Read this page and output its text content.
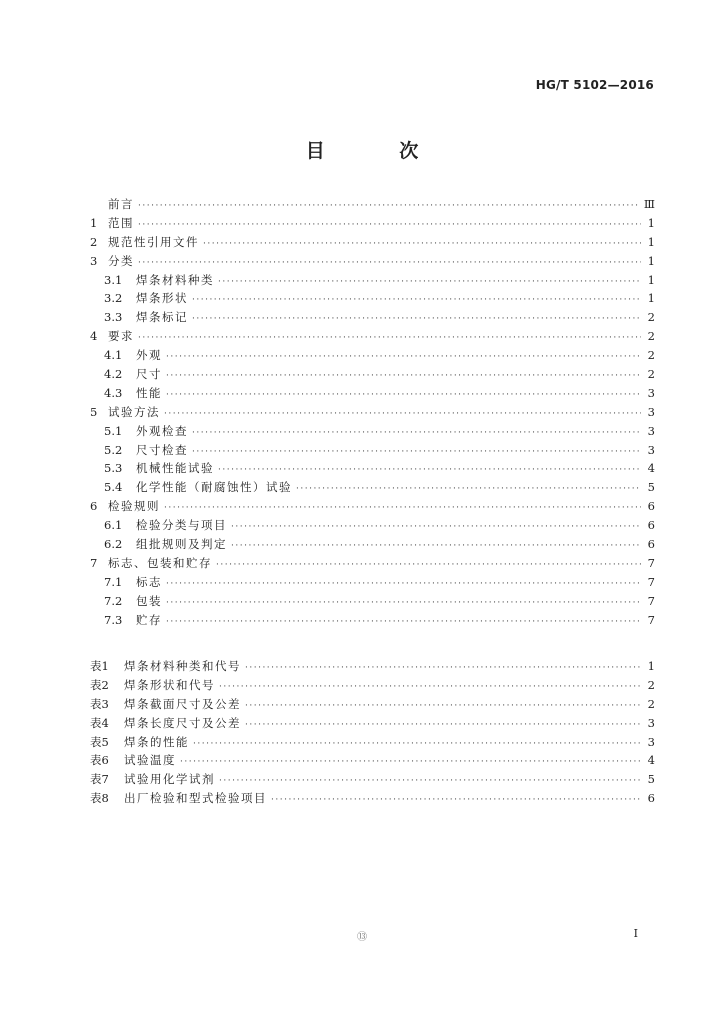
HG/T 5102—2016
目 次
前言 ·····	Ⅲ
1 范围 ·····	1
2 规范性引用文件 ·····	1
3 分类 ·····	1
3.1	焊条材料种类 ·····	1
3.2	焊条形状 ·····	1
3.3	焊条标记 ·····	2
4 要求 ·····	2
4.1	外观 ·····	2
4.2	尺寸 ·····	2
4.3	性能 ·····	3
5 试验方法 ·····	3
5.1	外观检查 ·····	3
5.2	尺寸检查 ·····	3
5.3	机械性能试验 ·····	4
5.4	化学性能（耐腐蚀性）试验 ·····	5
6 检验规则 ·····	6
6.1	检验分类与项目 ·····	6
6.2	组批规则及判定 ·····	6
7 标志、包装和贮存 ·····	7
7.1	标志 ·····	7
7.2	包装 ·····	7
7.3	贮存 ·····	7
表1	焊条材料种类和代号 ·····	1
表2	焊条形状和代号 ·····	2
表3	焊条截面尺寸及公差 ·····	2
表4	焊条长度尺寸及公差 ·····	3
表5	焊条的性能 ·····	3
表6	试验温度 ·····	4
表7	试验用化学试剂 ·····	5
表8	出厂检验和型式检验项目 ·····	6
⑬	I
